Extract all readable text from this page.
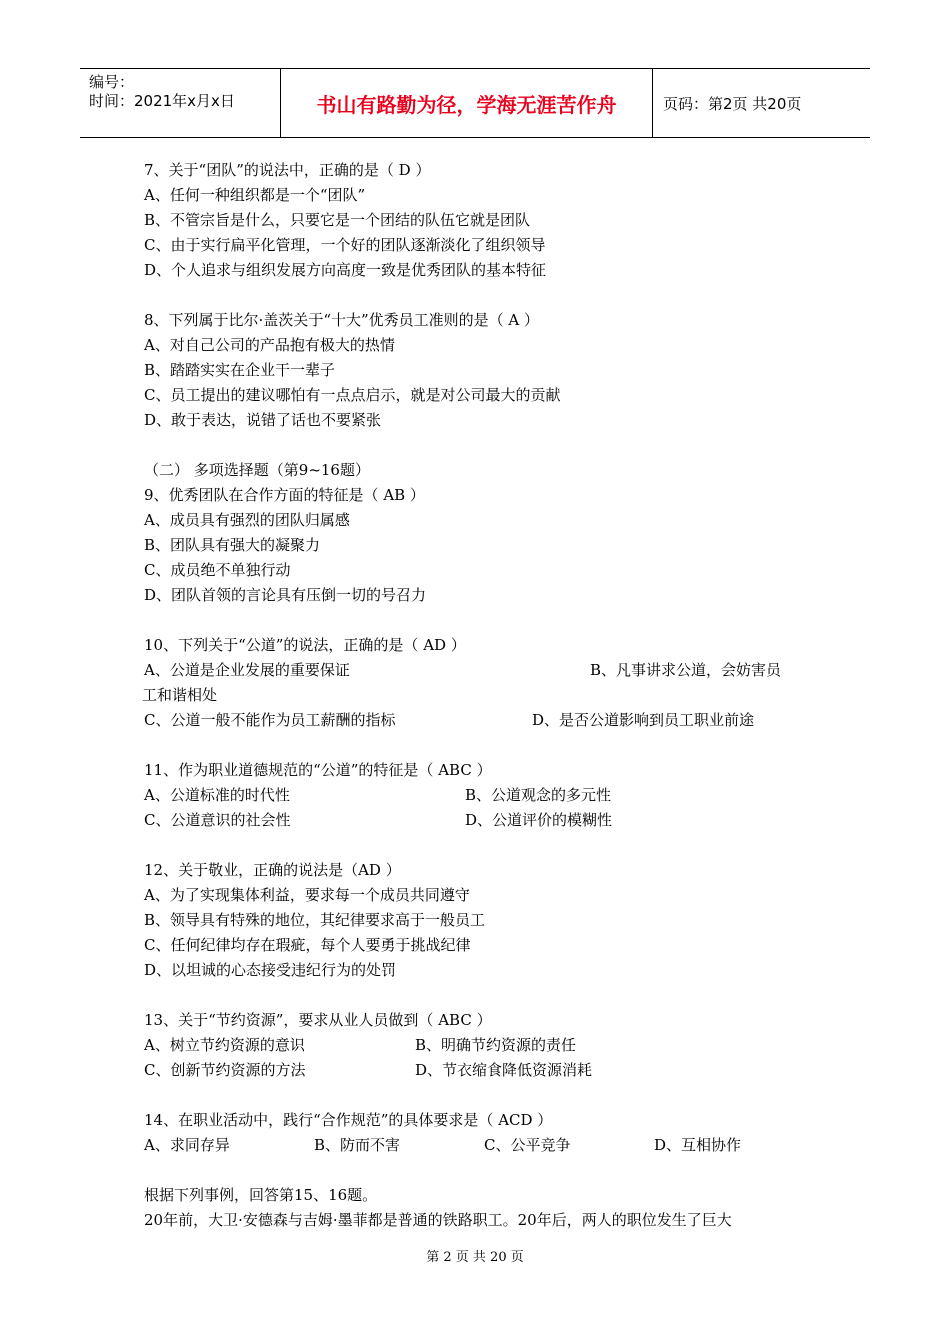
编号：
时间：2021年x月x日	书山有路勤为径，学海无涯苦作舟	页码：第2页 共20页
7、关于“团队”的说法中，正确的是（ D ）
A、任何一种组织都是一个“团队”
B、不管宗旨是什么，只要它是一个团结的队伍它就是团队
C、由于实行扁平化管理，一个好的团队逐渐淡化了组织领导
D、个人追求与组织发展方向高度一致是优秀团队的基本特征
8、下列属于比尔·盖茨关于“十大”优秀员工准则的是（ A ）
A、对自己公司的产品抱有极大的热情
B、踏踏实实在企业干一辈子
C、员工提出的建议哪怕有一点点启示，就是对公司最大的贡献
D、敢于表达，说错了话也不要紧张
（二） 多项选择题（第9~16题）
9、优秀团队在合作方面的特征是（ AB ）
A、成员具有强烈的团队归属感
B、团队具有强大的凝聚力
C、成员绝不单独行动
D、团队首领的言论具有压倒一切的号召力
10、下列关于“公道”的说法，正确的是（ AD ）
A、公道是企业发展的重要保证	B、凡事讲求公道，会妨害员
工和谐相处
C、公道一般不能作为员工薪酬的指标	D、是否公道影响到员工职业前途
11、作为职业道德规范的“公道”的特征是（ ABC ）
A、公道标准的时代性	B、公道观念的多元性
C、公道意识的社会性	D、公道评价的模糊性
12、关于敬业，正确的说法是（AD ）
A、为了实现集体利益，要求每一个成员共同遵守
B、领导具有特殊的地位，其纪律要求高于一般员工
C、任何纪律均存在瑕疵，每个人要勇于挑战纪律
D、以坦诚的心态接受违纪行为的处罚
13、关于“节约资源”，要求从业人员做到（ ABC ）
A、树立节约资源的意识	B、明确节约资源的责任
C、创新节约资源的方法	D、节衣缩食降低资源消耗
14、在职业活动中，践行“合作规范”的具体要求是（ ACD ）
A、求同存异	B、防而不害	C、公平竞争	D、互相协作
根据下列事例，回答第15、16题。
20年前，大卫·安德森与吉姆·墨菲都是普通的铁路职工。20年后，两人的职位发生了巨大
第 2 页 共 20 页
